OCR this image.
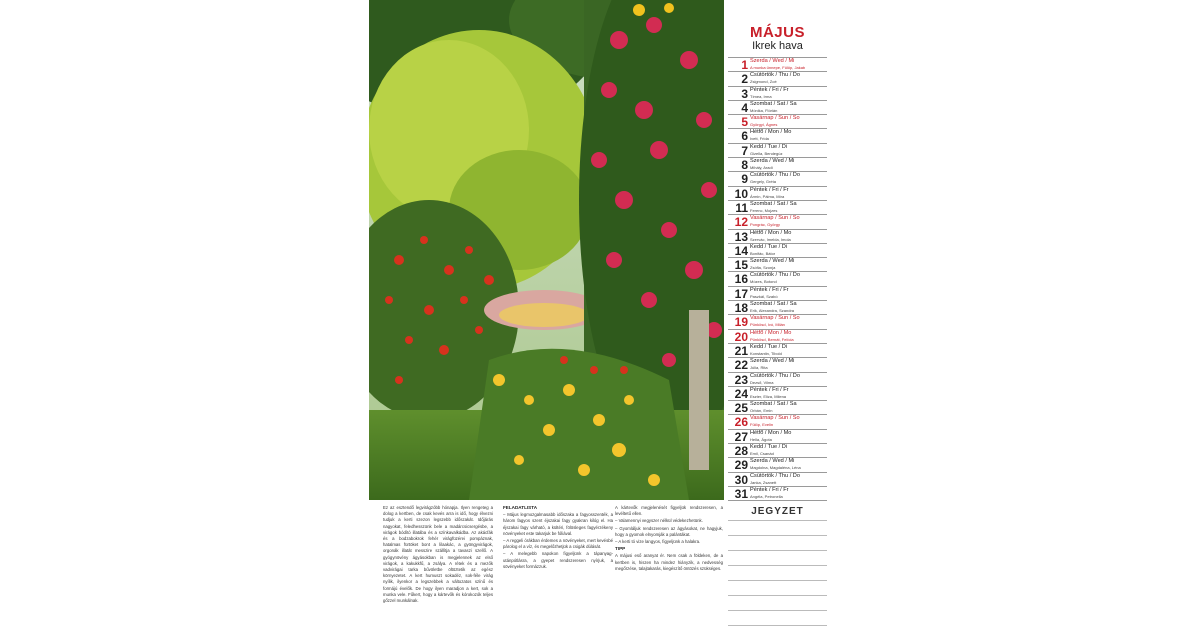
MÁJUS
Ikrek hava
1 Szerda / Wed / Mi
A munka ünnepe, Fülöp, Jakab
2 Csütörtök / Thu / Do
Zsigmond, Zoé
3 Péntek / Fri / Fr
Tímea, Irma
4 Szombat / Sat / Sa
Mónika, Flórián
5 Vasárnap / Sun / So
Györgyi, Ágnes
6 Hétfő / Mon / Mo
Ivett, Frida
7 Kedd / Tue / Di
Gizella, Bendegúz
8 Szerda / Wed / Mi
Mihály, Aradi
9 Csütörtök / Thu / Do
Gergely, Gréta
10 Péntek / Fri / Fr
Ármin, Pálma, Míra
11 Szombat / Sat / Sa
Ferenc, Mojzes
12 Vasárnap / Sun / So
Pongrác, György
13 Hétfő / Mon / Mo
Szervác, Imelda, Imola
14 Kedd / Tue / Di
Bonifác, Bátor
15 Szerda / Wed / Mi
Zsófia, Szonja
16 Csütörtök / Thu / Do
Mózes, Botond
17 Péntek / Fri / Fr
Paszkál, Szabó
18 Szombat / Sat / Sa
Erik, Alexandra, Szandra
19 Vasárnap / Sun / So
Pünkösd, Ivó, Milán
20 Hétfő / Mon / Mo
Pünkösd, Bernát, Felícia
21 Kedd / Tue / Di
Konstantin, Tibold
22 Szerda / Wed / Mi
Júlia, Rita
23 Csütörtök / Thu / Do
Dezső, Vilma
24 Péntek / Fri / Fr
Eszter, Eliza, Milena
25 Szombat / Sat / Sa
Orbán, Emin
26 Vasárnap / Sun / So
Fülöp, Evelin
27 Hétfő / Mon / Mo
Hella, Ágota
28 Kedd / Tue / Di
Emil, Csanád
29 Szerda / Wed / Mi
Magdolna, Magdaléna, Léna
30 Csütörtök / Thu / Do
Janka, Zsanett
31 Péntek / Fri / Fr
Angéla, Petronella
JEGYZET

Ez az esztendő legvirágzóbb hónapja. Ilyen rengeteg a dolog a kertben, de csak kevés arra is idő, hogy élvezni tudjuk a kerti szezon legszebb időszakát. Időjárás nagyokat, feledhesszünk bele a madárcsicsergésbe, a virágok bódító illatába és a színkavalkádba. Az akácfák és a bodzabokrok fehér virágfüzérei pompáznak, hatalmas fürtöket bont a lilaakác, a gyöngyvirágok, orgonák illatát messzire szállítja a tavaszi szellő. A gyógynövény ágyásokban is megjelennek az első virágok, a kakukkfű, a zsálya. A rétek és a mezők vadvirágai tarka bűvöletbe öltöztetik az egész környezetet. A kert humuszt sokadéz, sok-féle virág nyílik, ilyenkor a legszebbek a változatos színű és formájú évelők. De hogy ilyen maradjon a kert, sok a munka vele. Fűkert, hogy a kártevők és kórokozók teljes gőzzel munkálnak.

FELADATLISTA

– Május legmozgalmasabb időszaka a fagyosszenték, a három fagyos szent éjszakai fagy gyakran kilóg el. Ha éjszakai fagy várható, a kültéri, fölösleges fagyérzékeny növényeket este takarjuk be fóliával.

– A reggeli órákban érdemes a növényeket, mert kevésbé párolog el a víz, és megelőzhetjük a csigák dúlását.

– A melegebb napokon figyeljünk a tápanyag-utánpótlásra, a gyepet rendszeresen nyírjuk, a sövényeket formázzuk.

A kártevők megjelenését figyeljük rendszeresen, a levéltetű ellen.

– Valamennyi vegyszer nélkül védekezhetünk.

– Gyomláljuk rendszeresen az ágyásokat, ne hagyjuk, hogy a gyomok elnyomják a palántákat.

– A kerti tó vize langyos, figyeljünk a halakra.

TIPP

A májusi eső aranyat ér. Nem csak a földeken, de a kertben is, hiszen ha mindez hiányzik, a nedvesség megőrzése, talajtakarás, kiegészítő öntözés szükséges.
